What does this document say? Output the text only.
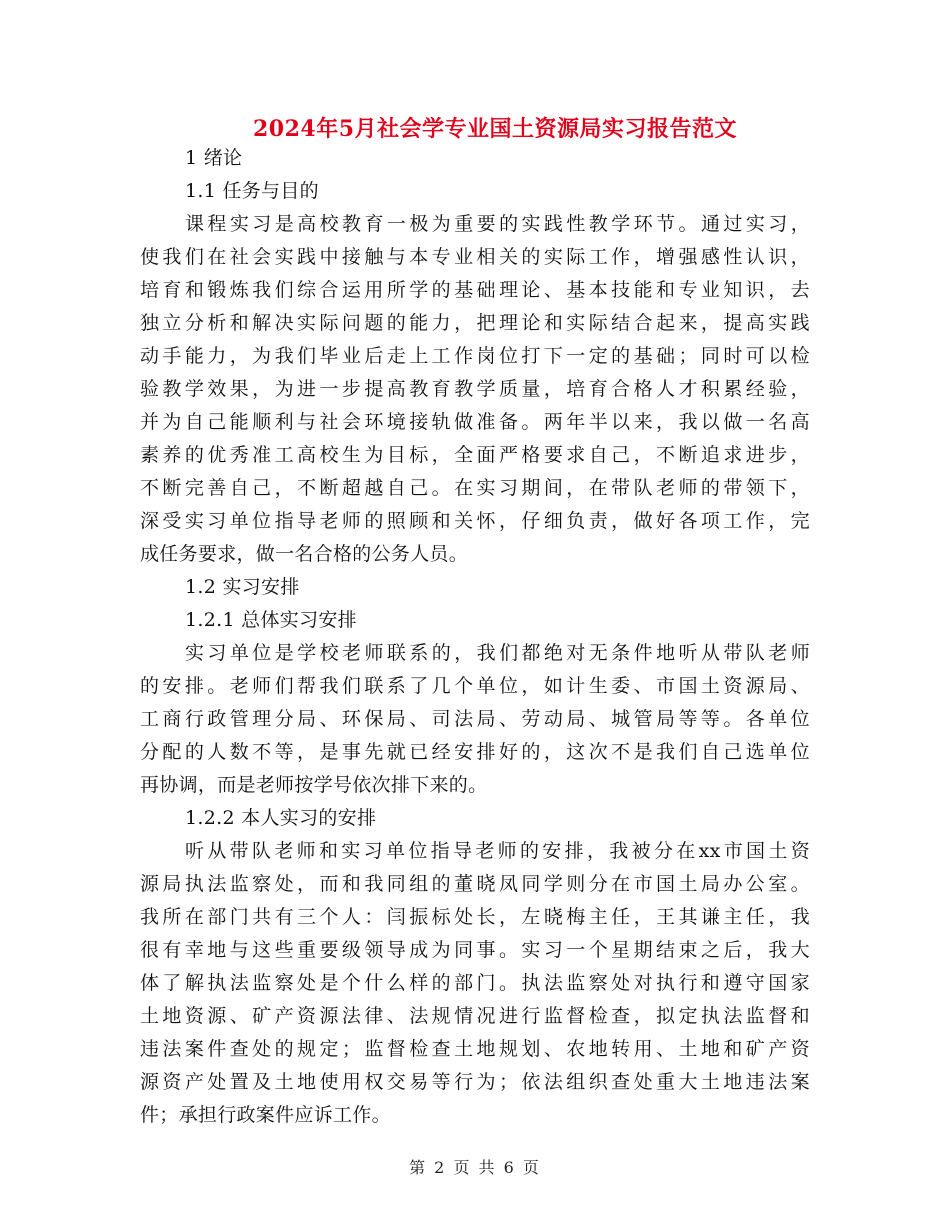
2024年5月社会学专业国土资源局实习报告范文
1 绪论
1.1 任务与目的
课程实习是高校教育一极为重要的实践性教学环节。通过实习，
使我们在社会实践中接触与本专业相关的实际工作，增强感性认识，
培育和锻炼我们综合运用所学的基础理论、基本技能和专业知识，去
独立分析和解决实际问题的能力，把理论和实际结合起来，提高实践
动手能力，为我们毕业后走上工作岗位打下一定的基础；同时可以检
验教学效果，为进一步提高教育教学质量，培育合格人才积累经验，
并为自己能顺利与社会环境接轨做准备。两年半以来，我以做一名高
素养的优秀准工高校生为目标，全面严格要求自己，不断追求进步，
不断完善自己，不断超越自己。在实习期间，在带队老师的带领下，
深受实习单位指导老师的照顾和关怀，仔细负责，做好各项工作，完
成任务要求，做一名合格的公务人员。
1.2 实习安排
1.2.1 总体实习安排
实习单位是学校老师联系的，我们都绝对无条件地听从带队老师
的安排。老师们帮我们联系了几个单位，如计生委、市国土资源局、
工商行政管理分局、环保局、司法局、劳动局、城管局等等。各单位
分配的人数不等，是事先就已经安排好的，这次不是我们自己选单位
再协调，而是老师按学号依次排下来的。
1.2.2 本人实习的安排
听从带队老师和实习单位指导老师的安排，我被分在xx市国土资
源局执法监察处，而和我同组的董晓凤同学则分在市国土局办公室。
我所在部门共有三个人：闫振标处长，左晓梅主任，王其谦主任，我
很有幸地与这些重要级领导成为同事。实习一个星期结束之后，我大
体了解执法监察处是个什么样的部门。执法监察处对执行和遵守国家
土地资源、矿产资源法律、法规情况进行监督检查，拟定执法监督和
违法案件查处的规定；监督检查土地规划、农地转用、土地和矿产资
源资产处置及土地使用权交易等行为；依法组织查处重大土地违法案
件；承担行政案件应诉工作。
第 2 页 共 6 页
